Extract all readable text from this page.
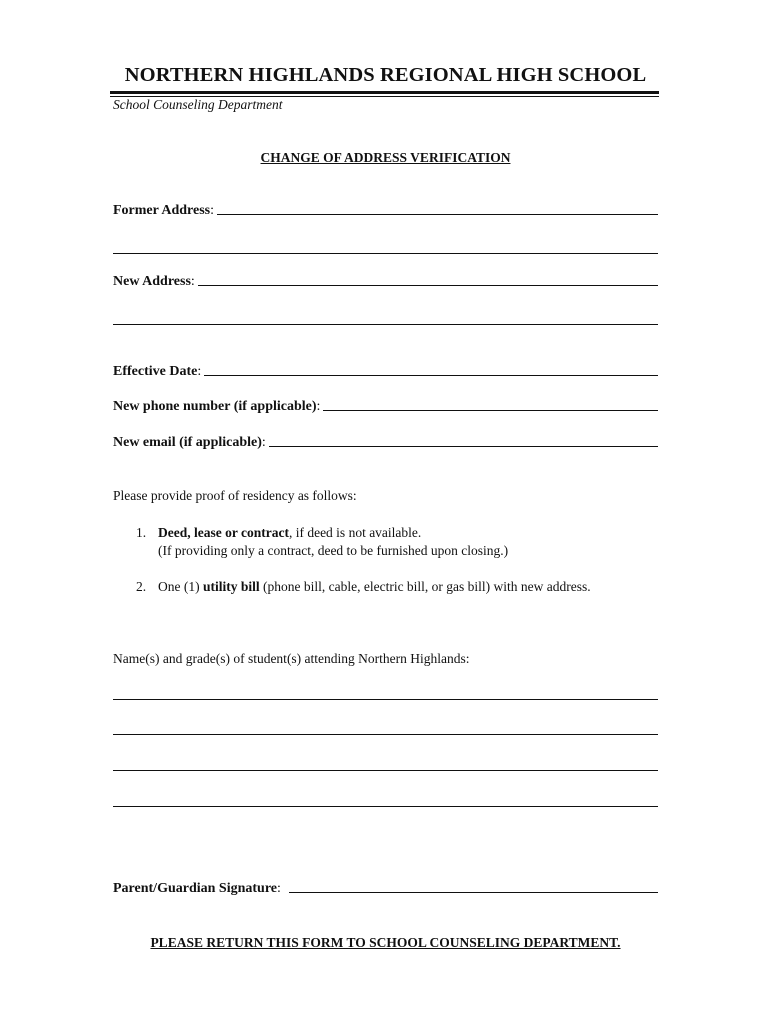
NORTHERN HIGHLANDS REGIONAL HIGH SCHOOL
School Counseling Department
CHANGE OF ADDRESS VERIFICATION
Former Address :
New Address :
Effective Date :
New phone number (if applicable) :
New email (if applicable) :
Please provide proof of residency as follows:
1. Deed, lease or contract, if deed is not available.
(If providing only a contract, deed to be furnished upon closing.)
2. One (1) utility bill (phone bill, cable, electric bill, or gas bill) with new address.
Name(s) and grade(s) of student(s) attending Northern Highlands:
Parent/Guardian Signature :
PLEASE RETURN THIS FORM TO SCHOOL COUNSELING DEPARTMENT.
